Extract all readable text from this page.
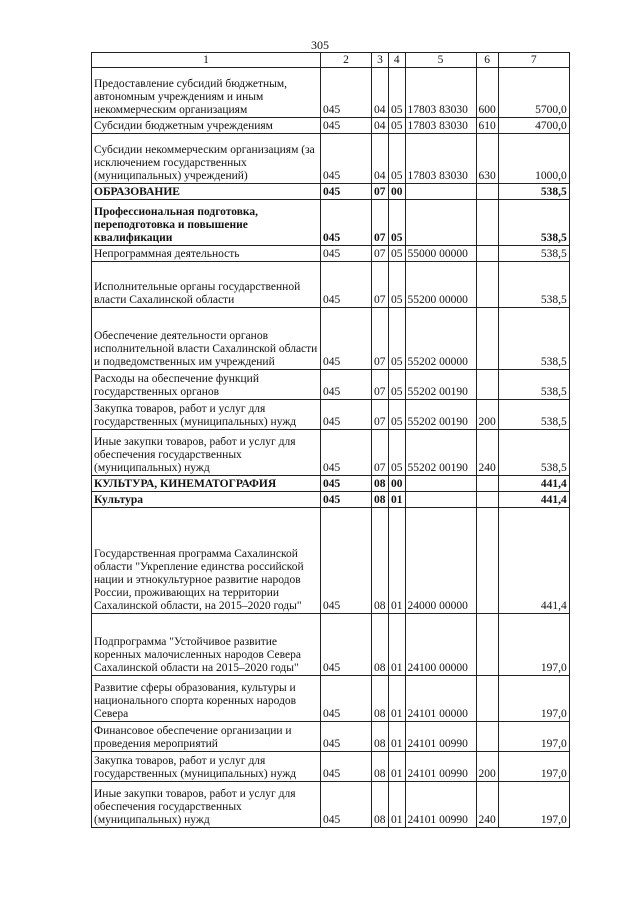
305
1	2	3	4	5	6	7
Предоставление субсидий бюджетным, автономным учреждениям и иным некоммерческим организациям	045	04	05	17803 83030	600	5700,0
Субсидии бюджетным учреждениям	045	04	05	17803 83030	610	4700,0
Субсидии некоммерческим организациям (за исключением государственных (муниципальных) учреждений)	045	04	05	17803 83030	630	1000,0
ОБРАЗОВАНИЕ	045	07	00			538,5
Профессиональная подготовка, переподготовка и повышение квалификации	045	07	05			538,5
Непрограммная деятельность	045	07	05	55000 00000		538,5
Исполнительные органы государственной власти Сахалинской области	045	07	05	55200 00000		538,5
Обеспечение деятельности органов исполнительной власти Сахалинской области и подведомственных им учреждений	045	07	05	55202 00000		538,5
Расходы на обеспечение функций государственных органов	045	07	05	55202 00190		538,5
Закупка товаров, работ и услуг для государственных (муниципальных) нужд	045	07	05	55202 00190	200	538,5
Иные закупки товаров, работ и услуг для обеспечения государственных (муниципальных) нужд	045	07	05	55202 00190	240	538,5
КУЛЬТУРА, КИНЕМАТОГРАФИЯ	045	08	00			441,4
Культура	045	08	01			441,4
Государственная программа Сахалинской области "Укрепление единства российской нации и этнокультурное развитие народов России, проживающих на территории Сахалинской области, на 2015–2020 годы"	045	08	01	24000 00000		441,4
Подпрограмма "Устойчивое развитие коренных малочисленных народов Севера Сахалинской области на 2015–2020 годы"	045	08	01	24100 00000		197,0
Развитие сферы образования, культуры и национального спорта коренных народов Севера	045	08	01	24101 00000		197,0
Финансовое обеспечение организации и проведения мероприятий	045	08	01	24101 00990		197,0
Закупка товаров, работ и услуг для государственных (муниципальных) нужд	045	08	01	24101 00990	200	197,0
Иные закупки товаров, работ и услуг для обеспечения государственных (муниципальных) нужд	045	08	01	24101 00990	240	197,0
